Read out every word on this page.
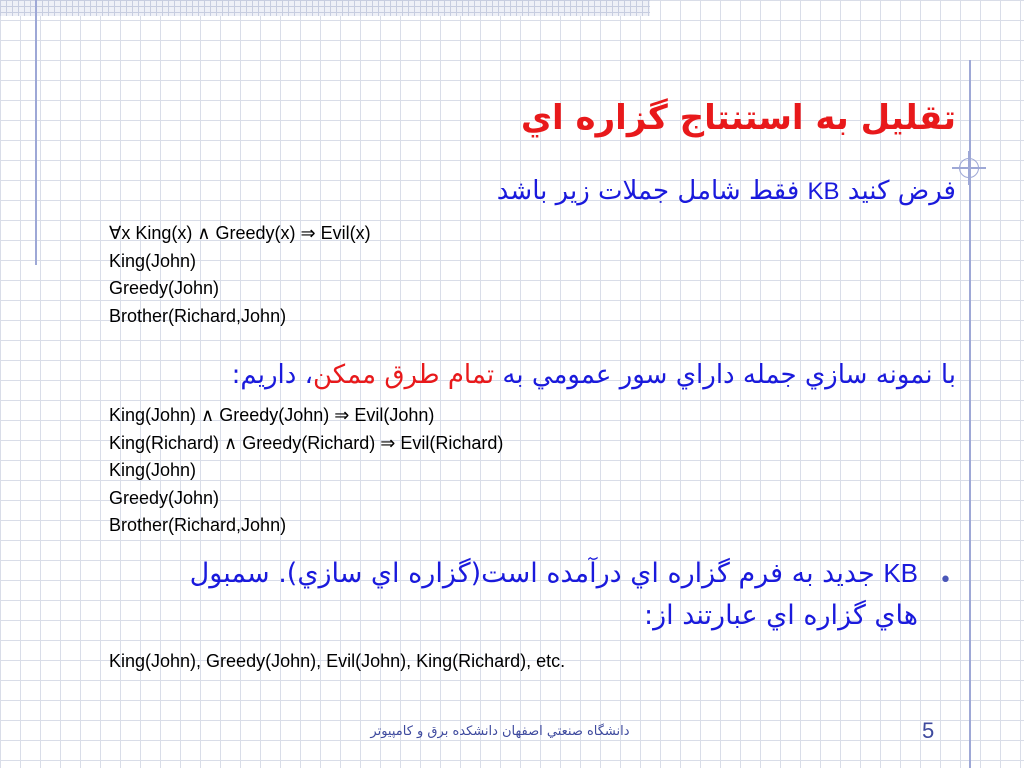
تقليل به استنتاج گزاره اي
فرض كنيد KB فقط شامل جملات زير باشد
∀x King(x) ∧ Greedy(x) ⇒ Evil(x)
King(John)
Greedy(John)
Brother(Richard,John)
با نمونه سازي جمله داراي سور عمومي به تمام طرق ممكن، داريم:
King(John) ∧ Greedy(John) ⇒ Evil(John)
King(Richard) ∧ Greedy(Richard) ⇒ Evil(Richard)
King(John)
Greedy(John)
Brother(Richard,John)
•
KB جديد به فرم گزاره اي درآمده است(گزاره اي سازي). سمبول
هاي گزاره اي عبارتند از:
King(John), Greedy(John), Evil(John), King(Richard), etc.
دانشگاه صنعتي اصفهان دانشكده برق و كامپيوتر	5
